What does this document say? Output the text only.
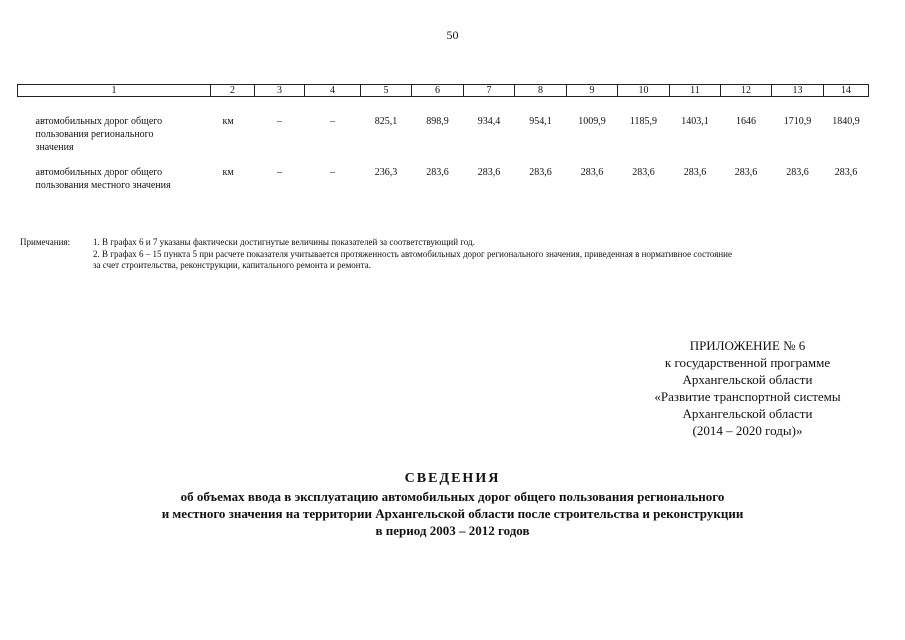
50
1	2	3	4	5	6	7	8	9	10	11	12	13	14

автомобильных дорог общего
пользования регионального
значения	км	–	–	825,1	898,9	934,4	954,1	1009,9	1185,9	1403,1	1646	1710,9	1840,9

автомобильных дорог общего
пользования местного значения	км	–	–	236,3	283,6	283,6	283,6	283,6	283,6	283,6	283,6	283,6	283,6
Примечания:	1. В графах 6 и 7 указаны фактически достигнутые величины показателей за соответствующий год.
2. В графах 6 – 15 пункта 5 при расчете показателя учитывается протяженность автомобильных дорог регионального значения, приведенная в нормативное состояние
за счет строительства, реконструкции, капитального ремонта и ремонта.
ПРИЛОЖЕНИЕ № 6
к государственной программе
Архангельской области
«Развитие транспортной системы
Архангельской области
(2014 – 2020 годы)»
СВЕДЕНИЯ
об объемах ввода в эксплуатацию автомобильных дорог общего пользования регионального
и местного значения на территории Архангельской области после строительства и реконструкции
в период 2003 – 2012 годов
